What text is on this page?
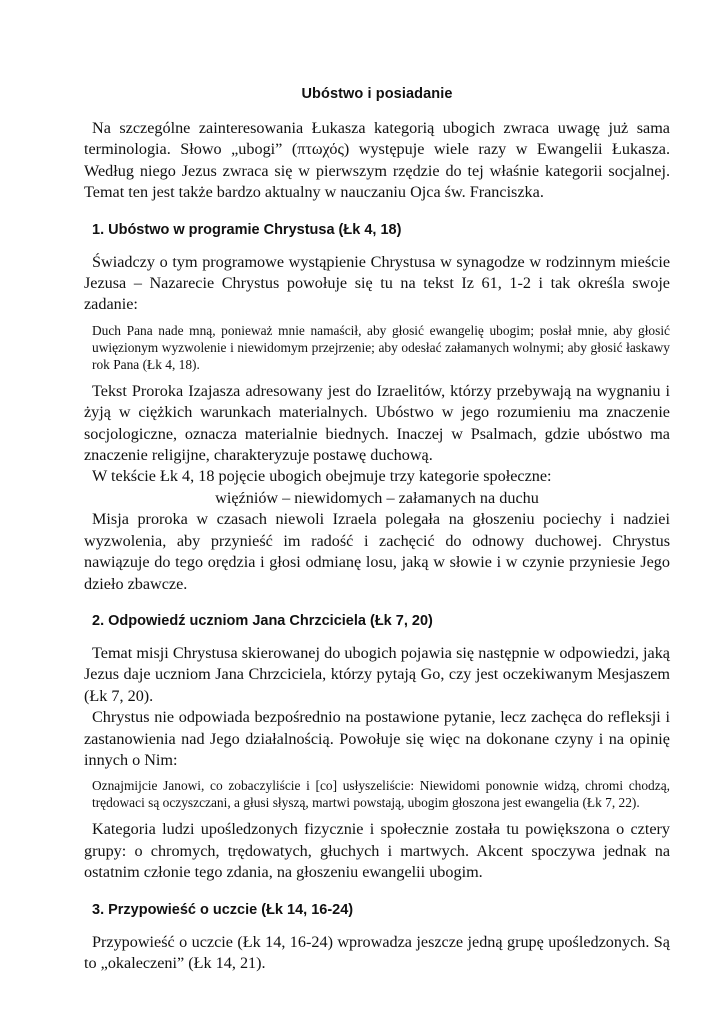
Ubóstwo i posiadanie

Na szczególne zainteresowania Łukasza kategorią ubogich zwraca uwagę już sama terminologia. Słowo „ubogi” (πτωχός) występuje wiele razy w Ewangelii Łukasza. Według niego Jezus zwraca się w pierwszym rzędzie do tej właśnie kategorii socjalnej. Temat ten jest także bardzo aktualny w nauczaniu Ojca św. Franciszka.

1. Ubóstwo w programie Chrystusa (Łk 4, 18)

Świadczy o tym programowe wystąpienie Chrystusa w synagodze w rodzinnym mieście Jezusa – Nazarecie Chrystus powołuje się tu na tekst Iz 61, 1-2 i tak określa swoje zadanie:

Duch Pana nade mną, ponieważ mnie namaścił, aby głosić ewangelię ubogim; posłał mnie, aby głosić uwięzionym wyzwolenie i niewidomym przejrzenie; aby odesłać załamanych wolnymi; aby głosić łaskawy rok Pana (Łk 4, 18).

Tekst Proroka Izajasza adresowany jest do Izraelitów, którzy przebywają na wygnaniu i żyją w ciężkich warunkach materialnych. Ubóstwo w jego rozumieniu ma znaczenie socjologiczne, oznacza materialnie biednych. Inaczej w Psalmach, gdzie ubóstwo ma znaczenie religijne, charakteryzuje postawę duchową.

W tekście Łk 4, 18 pojęcie ubogich obejmuje trzy kategorie społeczne:

więźniów – niewidomych – załamanych na duchu

Misja proroka w czasach niewoli Izraela polegała na głoszeniu pociechy i nadziei wyzwolenia, aby przynieść im radość i zachęcić do odnowy duchowej. Chrystus nawiązuje do tego orędzia i głosi odmianę losu, jaką w słowie i w czynie przyniesie Jego dzieło zbawcze.

2. Odpowiedź uczniom Jana Chrzciciela (Łk 7, 20)

Temat misji Chrystusa skierowanej do ubogich pojawia się następnie w odpowiedzi, jaką Jezus daje uczniom Jana Chrzciciela, którzy pytają Go, czy jest oczekiwanym Mesjaszem (Łk 7, 20).

Chrystus nie odpowiada bezpośrednio na postawione pytanie, lecz zachęca do refleksji i zastanowienia nad Jego działalnością. Powołuje się więc na dokonane czyny i na opinię innych o Nim:

Oznajmijcie Janowi, co zobaczyliście i [co] usłyszeliście: Niewidomi ponownie widzą, chromi chodzą, trędowaci są oczyszczani, a głusi słyszą, martwi powstają, ubogim głoszona jest ewangelia (Łk 7, 22).

Kategoria ludzi upośledzonych fizycznie i społecznie została tu powiększona o cztery grupy: o chromych, trędowatych, głuchych i martwych. Akcent spoczywa jednak na ostatnim członie tego zdania, na głoszeniu ewangelii ubogim.

3. Przypowieść o uczcie (Łk 14, 16-24)

Przypowieść o uczcie (Łk 14, 16-24) wprowadza jeszcze jedną grupę upośledzonych. Są to „okaleczeni” (Łk 14, 21).
